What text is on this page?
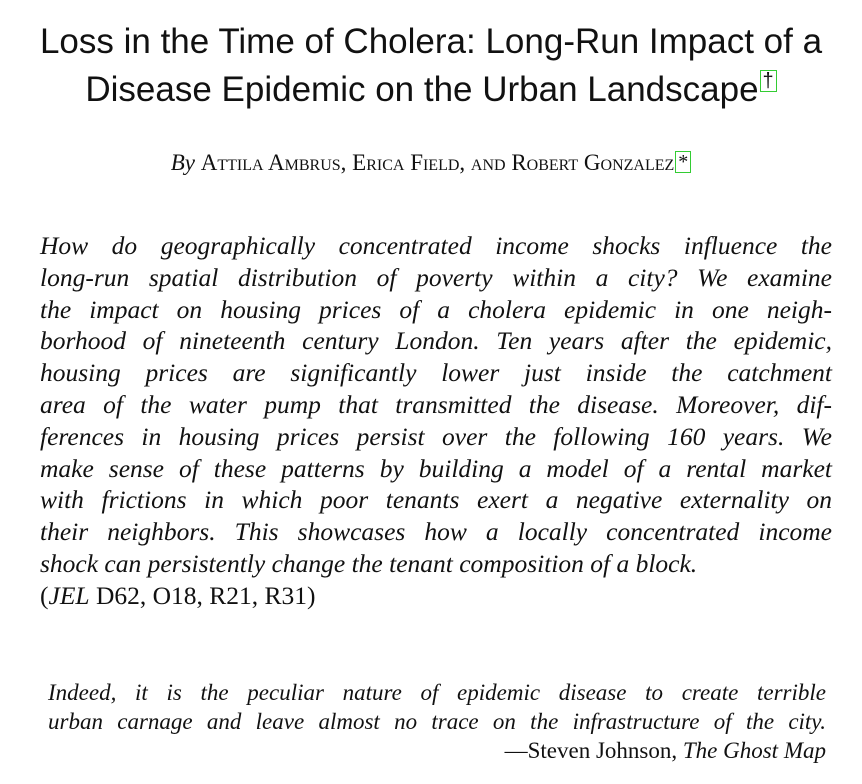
Loss in the Time of Cholera: Long-Run Impact of a
Disease Epidemic on the Urban Landscape †

By Attila Ambrus, Erica Field, and Robert Gonzalez *

How do geographically concentrated income shocks influence the
long-run spatial distribution of poverty within a city? We examine
the impact on housing prices of a cholera epidemic in one neigh-
borhood of nineteenth century London. Ten years after the epidemic,
housing prices are significantly lower just inside the catchment
area of the water pump that transmitted the disease. Moreover, dif-
ferences in housing prices persist over the following 160 years. We
make sense of these patterns by building a model of a rental market
with frictions in which poor tenants exert a negative externality on
their neighbors. This showcases how a locally concentrated income
shock can persistently change the tenant composition of a block.
(JEL D62, O18, R21, R31)
Indeed, it is the peculiar nature of epidemic disease to create terrible
urban carnage and leave almost no trace on the infrastructure of the city.
—Steven Johnson, The Ghost Map
